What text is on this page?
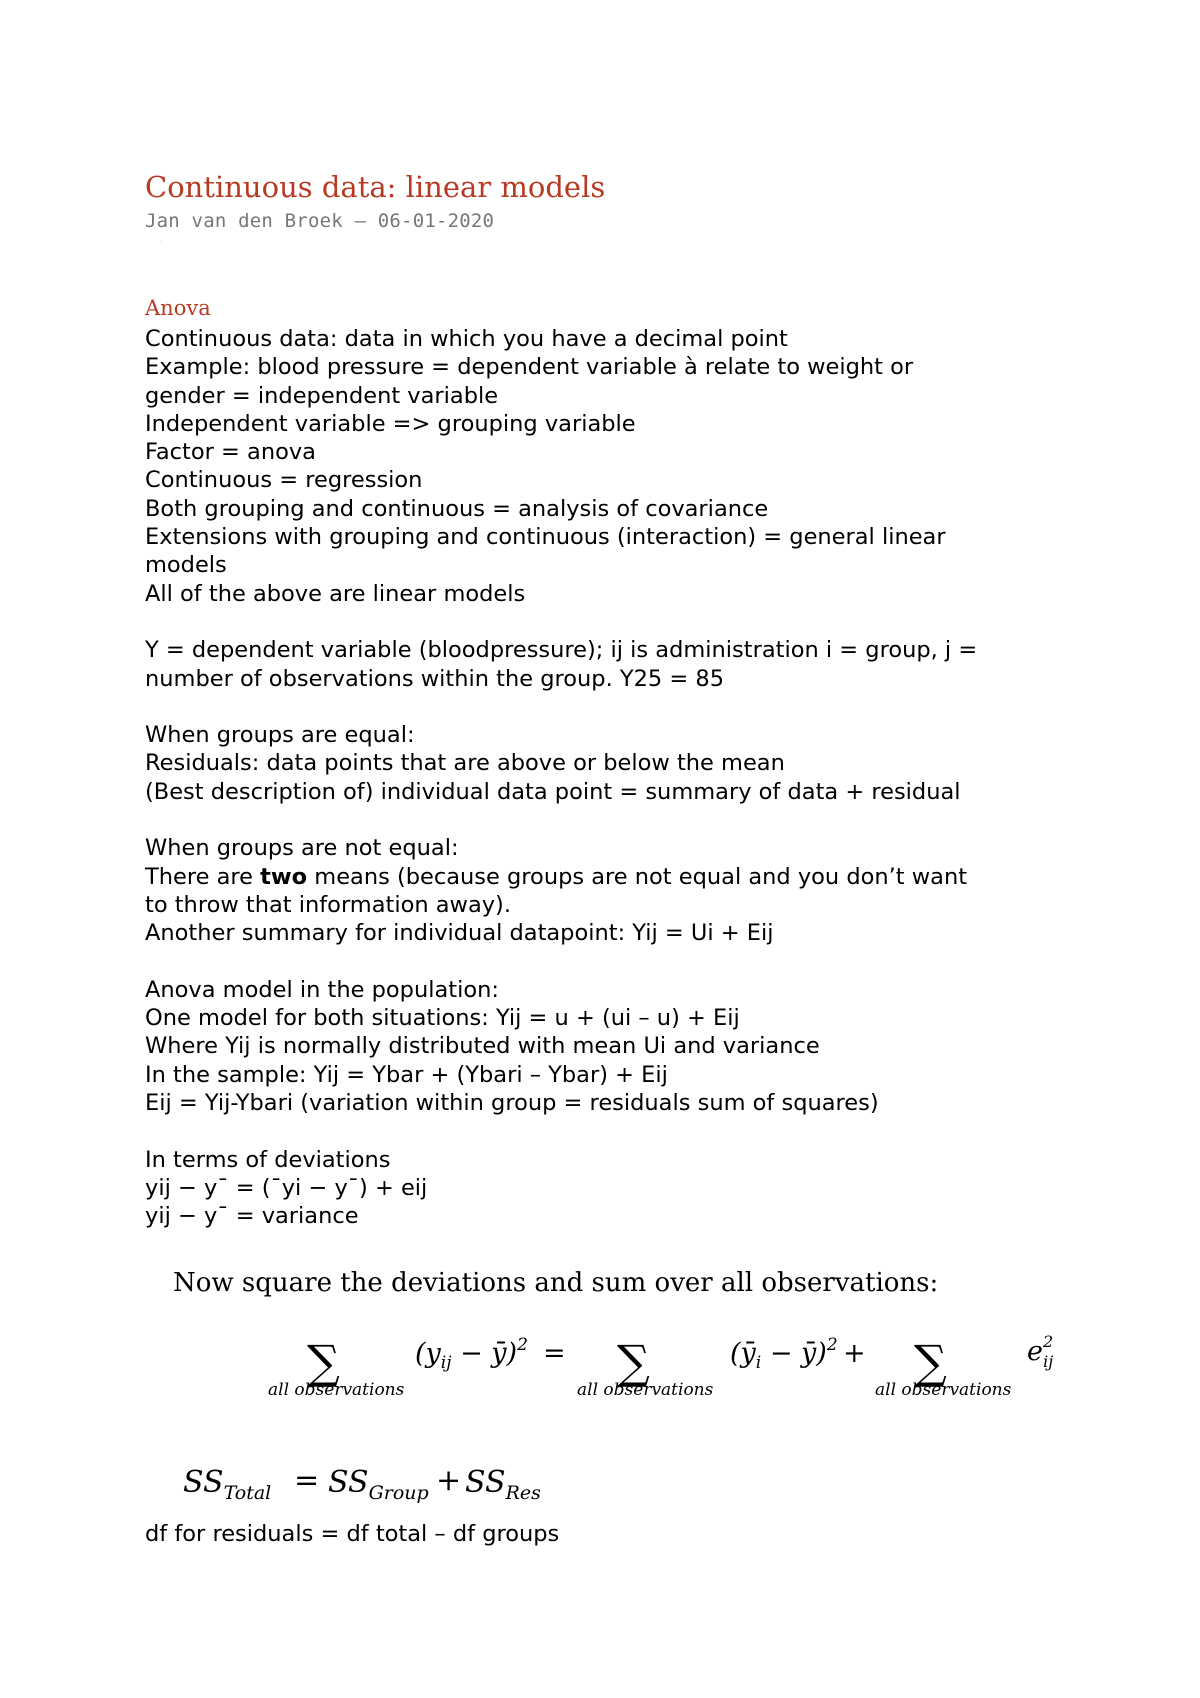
Continuous data: linear models
Jan van den Broek – 06-01-2020
·
Anova
Continuous data: data in which you have a decimal point
Example: blood pressure = dependent variable à relate to weight or
gender = independent variable
Independent variable => grouping variable
Factor = anova
Continuous = regression
Both grouping and continuous = analysis of covariance
Extensions with grouping and continuous (interaction) = general linear
models
All of the above are linear models
Y = dependent variable (bloodpressure); ij is administration i = group, j =
number of observations within the group. Y25 = 85
When groups are equal:
Residuals: data points that are above or below the mean
(Best description of) individual data point = summary of data + residual
When groups are not equal:
There are two means (because groups are not equal and you don’t want
to throw that information away).
Another summary for individual datapoint: Yij = Ui + Eij
Anova model in the population:
One model for both situations: Yij = u + (ui – u) + Eij
Where Yij is normally distributed with mean Ui and variance
In the sample: Yij = Ybar + (Ybari – Ybar) + Eij
Eij = Yij-Ybari (variation within group = residuals sum of squares)
In terms of deviations
yij − y¯ = (¯yi − y¯) + eij
yij − y¯ = variance
Now square the deviations and sum over all observations:
∑
all observations
($y_{ij}$ − ȳ)$^2$ = ∑
all observations
($ȳ_i$ − ȳ)$^2$ + ∑
all observations
$e^2$ ij
$SS_{Total} = SS_{Group} + SS_{Res}$
df for residuals = df total – df groups
